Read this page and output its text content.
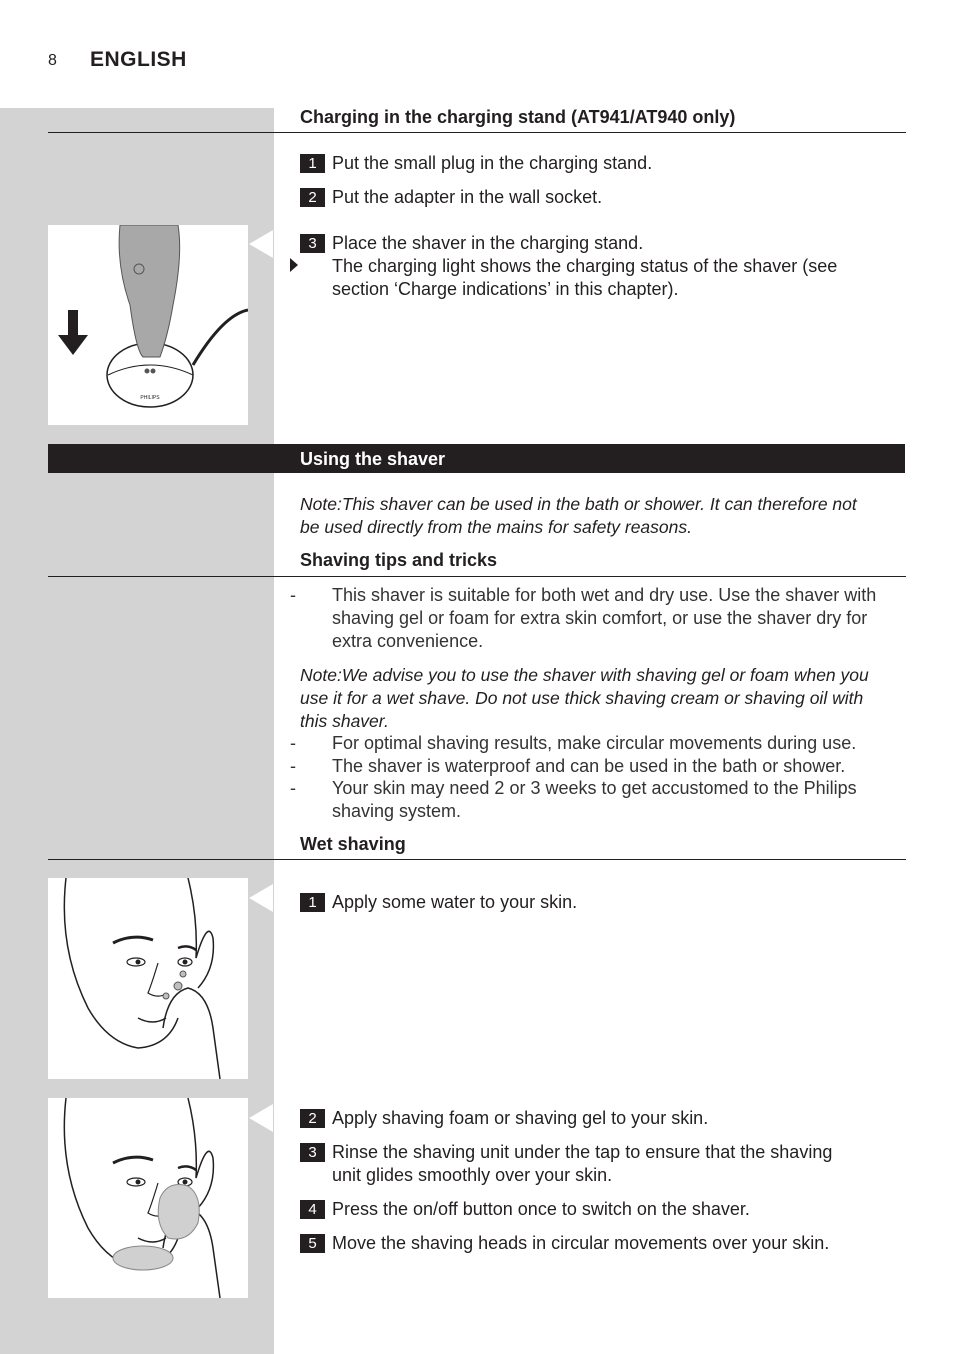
8 ENGLISH
Charging in the charging stand (AT941/AT940 only)
1 Put the small plug in the charging stand.
2 Put the adapter in the wall socket.
3 Place the shaver in the charging stand.
The charging light shows the charging status of the shaver (see section ‘Charge indications’ in this chapter).
PHILIPS
Using the shaver
Note:This shaver can be used in the bath or shower. It can therefore not be used directly from the mains for safety reasons.
Shaving tips and tricks
-	This shaver is suitable for both wet and dry use. Use the shaver with shaving gel or foam for extra skin comfort, or use the shaver dry for extra convenience.
Note:We advise you to use the shaver with shaving gel or foam when you use it for a wet shave. Do not use thick shaving cream or shaving oil with this shaver.
-	For optimal shaving results, make circular movements during use.
-	The shaver is waterproof and can be used in the bath or shower.
-	Your skin may need 2 or 3 weeks to get accustomed to the Philips shaving system.
Wet shaving
1 Apply some water to your skin.
2 Apply shaving foam or shaving gel to your skin.
3 Rinse the shaving unit under the tap to ensure that the shaving unit glides smoothly over your skin.
4 Press the on/off button once to switch on the shaver.
5 Move the shaving heads in circular movements over your skin.
